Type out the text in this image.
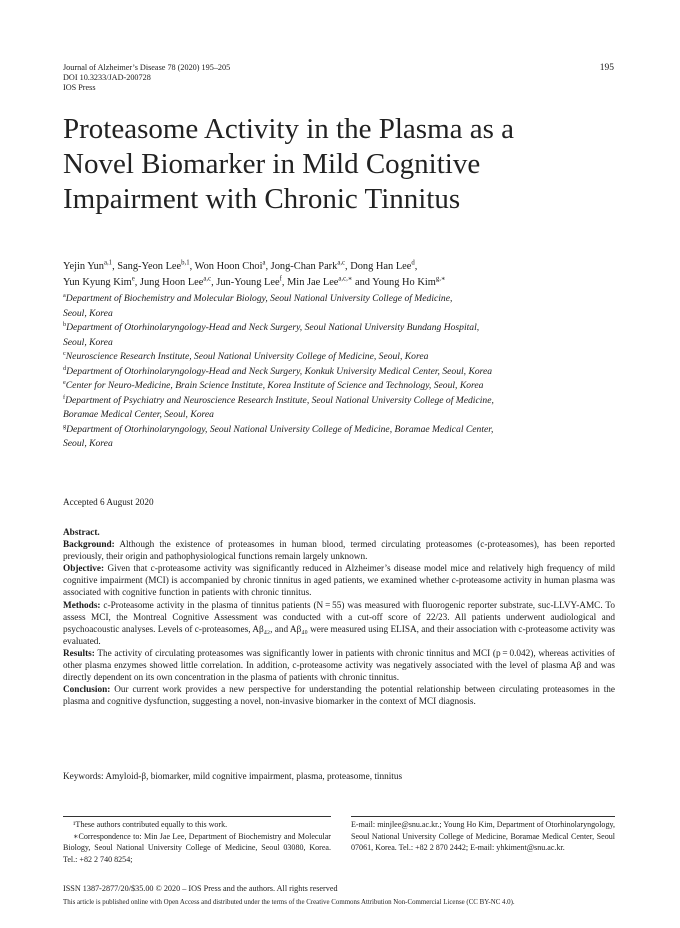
Journal of Alzheimer’s Disease 78 (2020) 195–205
DOI 10.3233/JAD-200728
IOS Press
195
Proteasome Activity in the Plasma as a
Novel Biomarker in Mild Cognitive
Impairment with Chronic Tinnitus
Yejin Yun$^{a,1}$, Sang-Yeon Lee$^{b,1}$, Won Hoon Choi$^a$, Jong-Chan Park$^{a,c}$, Dong Han Lee$^d$,
Yun Kyung Kim$^e$, Jung Hoon Lee$^{a,c}$, Jun-Young Lee$^f$, Min Jae Lee$^{a,c,∗}$ and Young Ho Kim$^{g,∗}$
$^a$Department of Biochemistry and Molecular Biology, Seoul National University College of Medicine,
Seoul, Korea
$^b$Department of Otorhinolaryngology-Head and Neck Surgery, Seoul National University Bundang Hospital,
Seoul, Korea
$^c$Neuroscience Research Institute, Seoul National University College of Medicine, Seoul, Korea
$^d$Department of Otorhinolaryngology-Head and Neck Surgery, Konkuk University Medical Center, Seoul, Korea
$^e$Center for Neuro-Medicine, Brain Science Institute, Korea Institute of Science and Technology, Seoul, Korea
$^f$Department of Psychiatry and Neuroscience Research Institute, Seoul National University College of Medicine,
Boramae Medical Center, Seoul, Korea
$^g$Department of Otorhinolaryngology, Seoul National University College of Medicine, Boramae Medical Center,
Seoul, Korea
Accepted 6 August 2020

Abstract.

Background: Although the existence of proteasomes in human blood, termed circulating proteasomes (c-proteasomes), has been reported previously, their origin and pathophysiological functions remain largely unknown.

Objective: Given that c-proteasome activity was significantly reduced in Alzheimer’s disease model mice and relatively high frequency of mild cognitive impairment (MCI) is accompanied by chronic tinnitus in aged patients, we examined whether c-proteasome activity in human plasma was associated with cognitive function in patients with chronic tinnitus.

Methods: c-Proteasome activity in the plasma of tinnitus patients (N = 55) was measured with fluorogenic reporter substrate, suc-LLVY-AMC. To assess MCI, the Montreal Cognitive Assessment was conducted with a cut-off score of 22/23. All patients underwent audiological and psychoacoustic analyses. Levels of c-proteasomes, Aβ₄₂, and Aβ₄₀ were measured using ELISA, and their association with c-proteasome activity was evaluated.

Results: The activity of circulating proteasomes was significantly lower in patients with chronic tinnitus and MCI (p = 0.042), whereas activities of other plasma enzymes showed little correlation. In addition, c-proteasome activity was negatively associated with the level of plasma Aβ and was directly dependent on its own concentration in the plasma of patients with chronic tinnitus.

Conclusion: Our current work provides a new perspective for understanding the potential relationship between circulating proteasomes in the plasma and cognitive dysfunction, suggesting a novel, non-invasive biomarker in the context of MCI diagnosis.

Keywords: Amyloid-β, biomarker, mild cognitive impairment, plasma, proteasome, tinnitus

¹These authors contributed equally to this work.

∗Correspondence to: Min Jae Lee, Department of Biochemistry and Molecular Biology, Seoul National University College of Medicine, Seoul 03080, Korea. Tel.: +82 2 740 8254;

E-mail: minjlee@snu.ac.kr.; Young Ho Kim, Department of Otorhinolaryngology, Seoul National University College of Medicine, Boramae Medical Center, Seoul 07061, Korea. Tel.: +82 2 870 2442; E-mail: yhkiment@snu.ac.kr.

ISSN 1387-2877/20/$35.00 © 2020 – IOS Press and the authors. All rights reserved
This article is published online with Open Access and distributed under the terms of the Creative Commons Attribution Non-Commercial License (CC BY-NC 4.0).
